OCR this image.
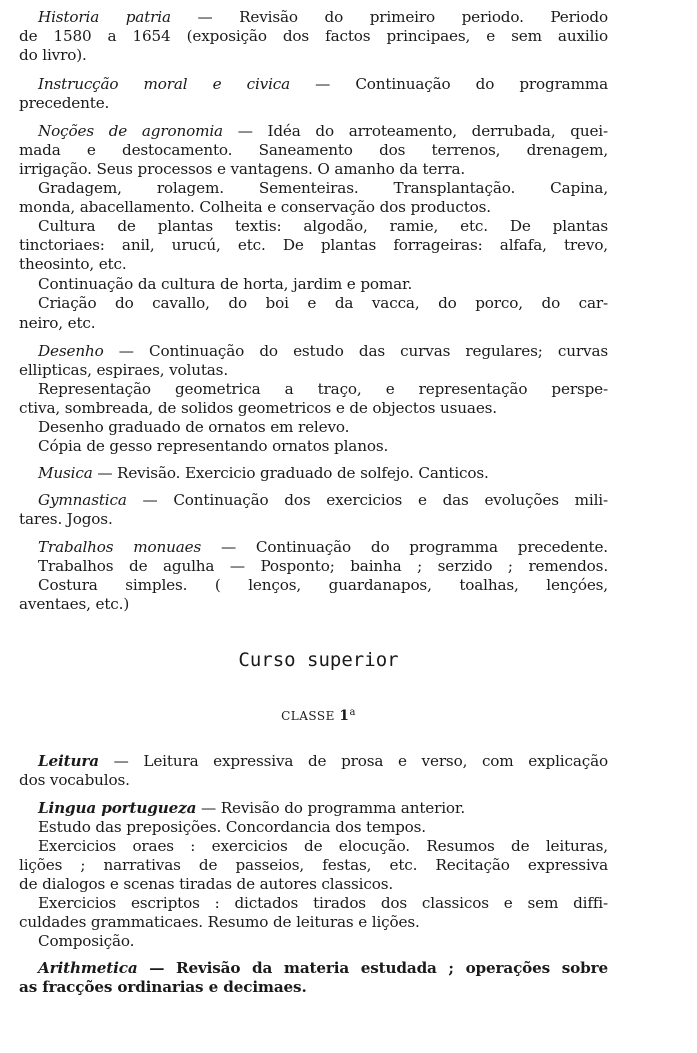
Historia patria — Revisão do primeiro periodo. Periodo
de 1580 a 1654 (exposição dos factos principaes, e sem auxilio
do livro).
Instrucção moral e civica — Continuação do programma
precedente.
Noções de agronomia — Idéa do arroteamento, derrubada, quei-
mada e destocamento. Saneamento dos terrenos, drenagem,
irrigação. Seus processos e vantagens. O amanho da terra.
Gradagem, rolagem. Sementeiras. Transplantação. Capina,
monda, abacellamento. Colheita e conservação dos productos.
Cultura de plantas textis: algodão, ramie, etc. De plantas
tinctoriaes: anil, urucú, etc. De plantas forrageiras: alfafa, trevo,
theosinto, etc.
Continuação da cultura de horta, jardim e pomar.
Criação do cavallo, do boi e da vacca, do porco, do car-
neiro, etc.
Desenho — Continuação do estudo das curvas regulares; curvas
ellipticas, espiraes, volutas.
Representação geometrica a traço, e representação perspe-
ctiva, sombreada, de solidos geometricos e de objectos usuaes.
Desenho graduado de ornatos em relevo.
Cópia de gesso representando ornatos planos.
Musica — Revisão. Exercicio graduado de solfejo. Canticos.
Gymnastica — Continuação dos exercicios e das evoluções mili-
tares. Jogos.
Trabalhos monuaes — Continuação do programma precedente.
Trabalhos de agulha — Posponto; bainha ; serzido ; remendos.
Costura simples. ( lenços, guardanapos, toalhas, lençóes,
aventaes, etc.)
Curso superior
CLASSE 1$^a$
Leitura — Leitura expressiva de prosa e verso, com explicação
dos vocabulos.
Lingua portugueza — Revisão do programma anterior.
Estudo das preposições. Concordancia dos tempos.
Exercicios oraes : exercicios de elocução. Resumos de leituras,
lições ; narrativas de passeios, festas, etc. Recitação expressiva
de dialogos e scenas tiradas de autores classicos.
Exercicios escriptos : dictados tirados dos classicos e sem diffi-
culdades grammaticaes. Resumo de leituras e lições.
Composição.
Arithmetica — Revisão da materia estudada ; operações sobre
as fracções ordinarias e decimaes.
